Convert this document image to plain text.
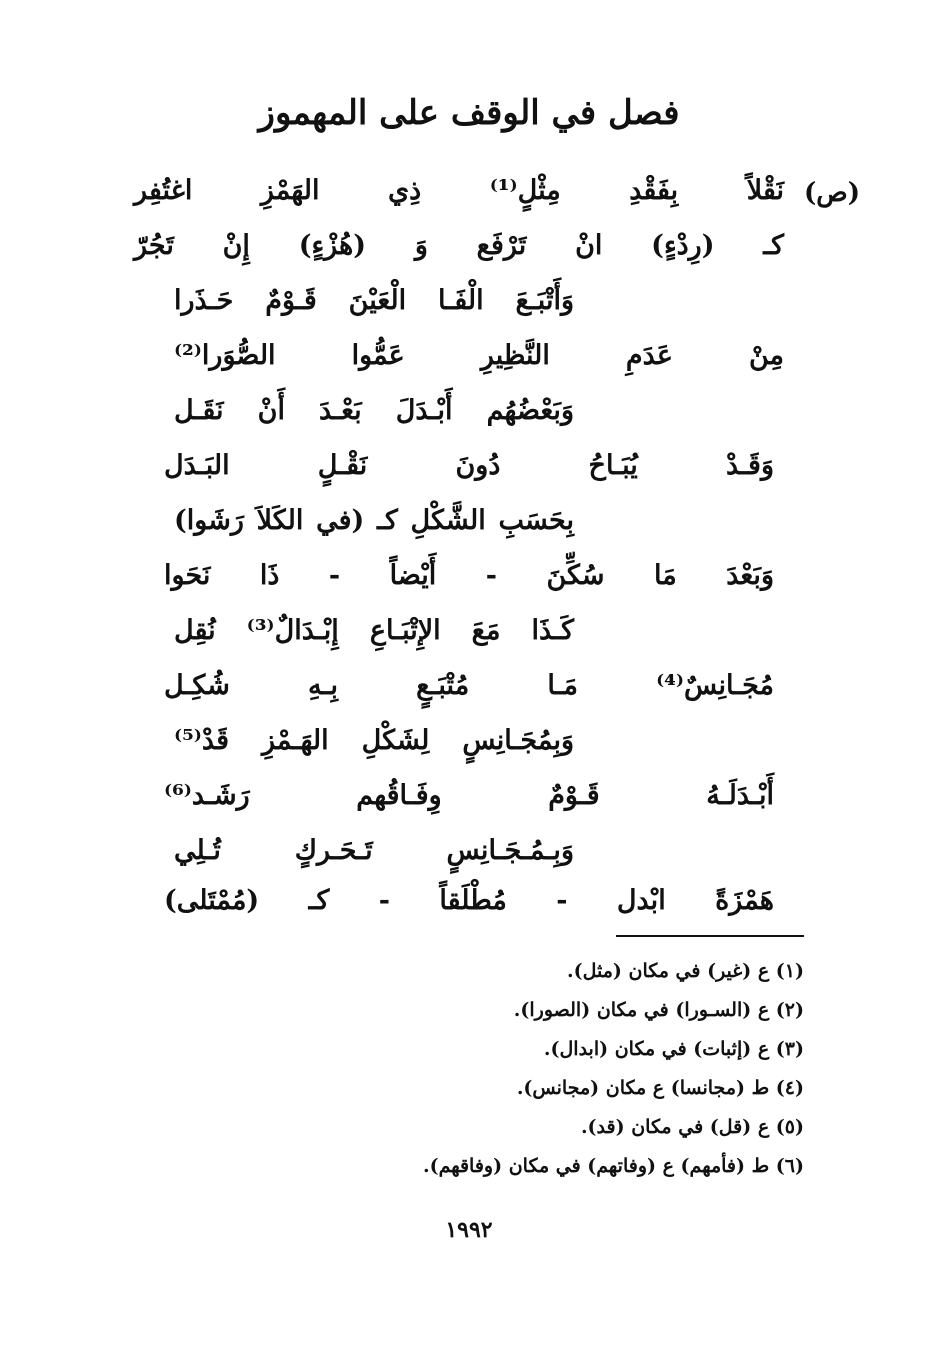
فصل في الوقف على المهموز
(ص)
نَقْلاً بِفَقْدِ مِثْلٍ⁽¹⁾ ذِي الهَمْزِ اغتُفِر
كـ (رِدْءٍ) انْ تَرْفَع وَ (هُزْءٍ) إِنْ تَجُرّ
وَأَتْبَـعَ الْفَـا الْعَيْنَ قَـوْمٌ حَـذَرا
مِنْ عَدَمِ النَّظِيرِ عَمُّوا الصُّوَرا⁽²⁾
وَبَعْضُهُم أَبْـدَلَ بَعْـدَ أَنْ نَقَـل
وَقَـدْ يُبَـاحُ دُونَ نَقْـلٍ البَـدَل
بِحَسَبِ الشَّكْلِ كـ (في الكَلاَ رَشَوا)
وَبَعْدَ مَا سُكِّنَ - أَيْضاً - ذَا نَحَوا
كَـذَا مَعَ الإِتْبَـاعِ إِبْـدَالٌ⁽³⁾ نُقِل
مُجَـانِسٌ⁽⁴⁾ مَـا مُتْبَـعٍ بِـهِ شُكِـل
وَبِمُجَـانِسٍ لِشَكْلِ الهَـمْزِ قَدْ⁽⁵⁾
أَبْـدَلَـهُ قَـوْمٌ وِفَـاقُهم رَشَـد⁽⁶⁾
وَبِـمُـجَـانِسٍ تَـحَـركٍ تُـلِي
هَمْزَةً ابْدل - مُطْلَقاً - كـ (مُمْتَلى)
(١) ع (غير) في مكان (مثل).
(٢) ع (السـورا) في مكان (الصورا).
(٣) ع (إثبات) في مكان (ابدال).
(٤) ط (مجانسا) ع مكان (مجانس).
(٥) ع (قل) في مكان (قد).
(٦) ط (فأمهم) ع (وفاتهم) في مكان (وفاقهم).
١٩٩٢
